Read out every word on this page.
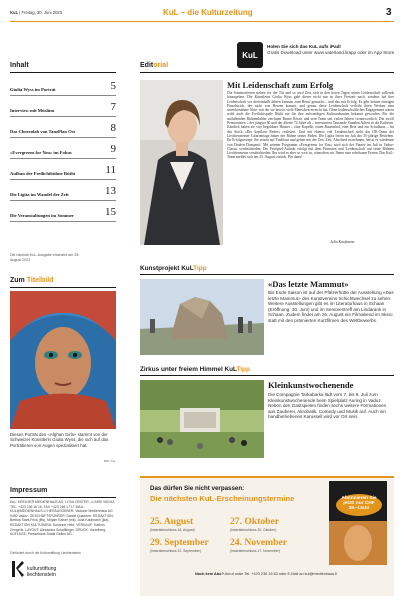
KuL | Freitag, 30. Juni 2023	KuL – die Kulturzeitung	3
KuL
Holen Sie sich das KuL aufs iPad!
Gratis Download unter www.vaterland.li/app oder im App Store
Inhalt
Giulia Wyss im Porträt	5
Interview mit Müslüm	7
Das Choreolab von TanzPlan Ost	8
«Evergreens for You» im Fokus	9
Aufbau der Freilichtbühne Rüthi	11
Die Ligita im Wandel der Zeit	13
Die Veranstaltungen im Sommer	15
Die nächste KuL-Ausgabe erscheint am 25. August 2023
Editorial
Mit Leidenschaft zum Erfolg
Die Sommerferien stehen vor der Tür und so wird Zeit, sich in den freien Tagen seiner Leidenschaft vollends hinzugeben. Die Künstlerin Giulia Wyss geht dieser nicht nur in ihrer Freizeit nach, sondern hat ihre Leidenschaft vor dreieinhalb Jahren kurzum zum Beruf gemacht – und das mit Erfolg. Es gibt keinen einzigen Pinselstrich, der nicht von Herzen kommt, und genau diese Leidenschaft verleiht ihren Werken eine unverkennbare Note, mit der sie bereits viele Menschen erreicht hat. Ohne leidenschaftliches Engagement wären wohl auch die Freilichtspiele Rüthi nie für ihre aufwendigen Kulissenbauten bekannt geworden. Für die auffallenden Bühnenbilder zeichnen Bruno Rösch und sein Team seit vielen Jahren verantwortlich. Die zwölf Pensionisten – der jüngste 60 und der älteste 74 Jahre alt – investierten Tausende Stunden Arbeit in die Kulissen. Kändich haben sie vier begehbare Häuser – eine Kapelle, einen Bauernhof, eine Beiz und ein Schulhaus – für das Stück «Der kopflose Reiter» realisiert. Und mit ebenso viel Leidenschaft steht das OK-Team der Liechtensteiner Gitarrentage hinter der Bühne seiner Fäden. Die Ligita feiern im Juli das 35-jährige Bestehen. Ihr Erfolgsrezept: Sie setzen auf Tradition und gehen mit der Zeit. Zeit, Abschied zu nehmen, heisst es wiederum von Dražen Domjanić. Mit seinem Programm «Evergreens for You» wird sich der Pianist im Juli in Vaduz-Classic verabschieden. Der Festspiel-Auftakt erfolgt mit dem Pianisten und 'Leidenschaft' auf seine Bühnen Liechtensteins verabschieden. Ihn wird es aber so weit ist, wünschen wir Ihnen eine erholsame Ferien. Das KuL-Team meldet sich am 25. August zurück. Bis dann!
Julia Kaufmann
Kunstprojekt KuLTipp
«Das letzte Mammut»
Bis Ende Saison ist auf der Pfälzerhütte der Ausstellung «Das letzte Mammut» des Kunstvereins Schichtwechsel zu sehen. Weitere Ausstellungen gibt es im Literaturhaus in Schaan (Eröffnung: 30. Juni) und im Seniorentreff am Lindarank in Schaan. Zudem findet am 26. August ein Filmabend im Skino statt mit den prämierten Kurzfilmen des Wettbewerbs.
Zirkus unter freiem Himmel KuLTipp
Kleinkunstwochenende
Die Compagnie Tarkabarka lädt vom 7. bis 9. Juli zum Kleinkunstwochenende beim Spielplatz Auring in Vaduz. Neben den Gastspielen finden sechs weitere Formationen aus Zauberei, Akrobatik, Comedy und Musik auf. Auch ein handbetriebenes Karussell wird vor Ort sein.
Zum Titelbild
Dieses Porträt des «Afghan Girls» stammt von der Schweizer Künstlerin Giulia Wyss, die sich auf das Porträtieren von Augen spezialisiert hat.
Bild: zvg
Impressum
KuL: KREUZER MEDIENHAUS AG, LOVA CENTER, LI-9490 VADUZ, TEL. +423 236 16 16, FAX +423 236 17 17 MAIL: KUL@MEDIENHAUS.LI HERAUSGEBER: Vaduzer Medienhaus AG 9490 Vaduz. GESCHÄFTSFÜHRER: Daniel Quaderer. REDAKTION: Bettina Stahl-Frick (lfts), Mirjam Kaiser (mk), Julia Kaufmann (jka). REDAKTION KULTURARA: Susanne Hehl. VERKAUF: Kathrin Zengerle. LAYOUT: Alexandra Schafflinger. DRUCK: Vorarlberg. AUFLAGE: Pressehaus Sankt Gallen AG.
Gefördert durch die Kulturstiftung Liechtenstein
kulturstiftung
liechtenstein
Das dürfen Sie nicht verpassen:
Die nächsten KuL-Erscheinungstermine
25. August
(Inseratenschluss 18. August)
27. Oktober
(Inseratenschluss 20. Oktober)
29. September
(Inseratenschluss 22. September)
24. November
(Inseratenschluss 17. November)
Noch kein Abo? Anruf unter Tel. +423 236 16 63 oder E-Mail an kul@medienhaus.li
Abonnieren Sie jetzt! nur CHF 39.–/Jahr
